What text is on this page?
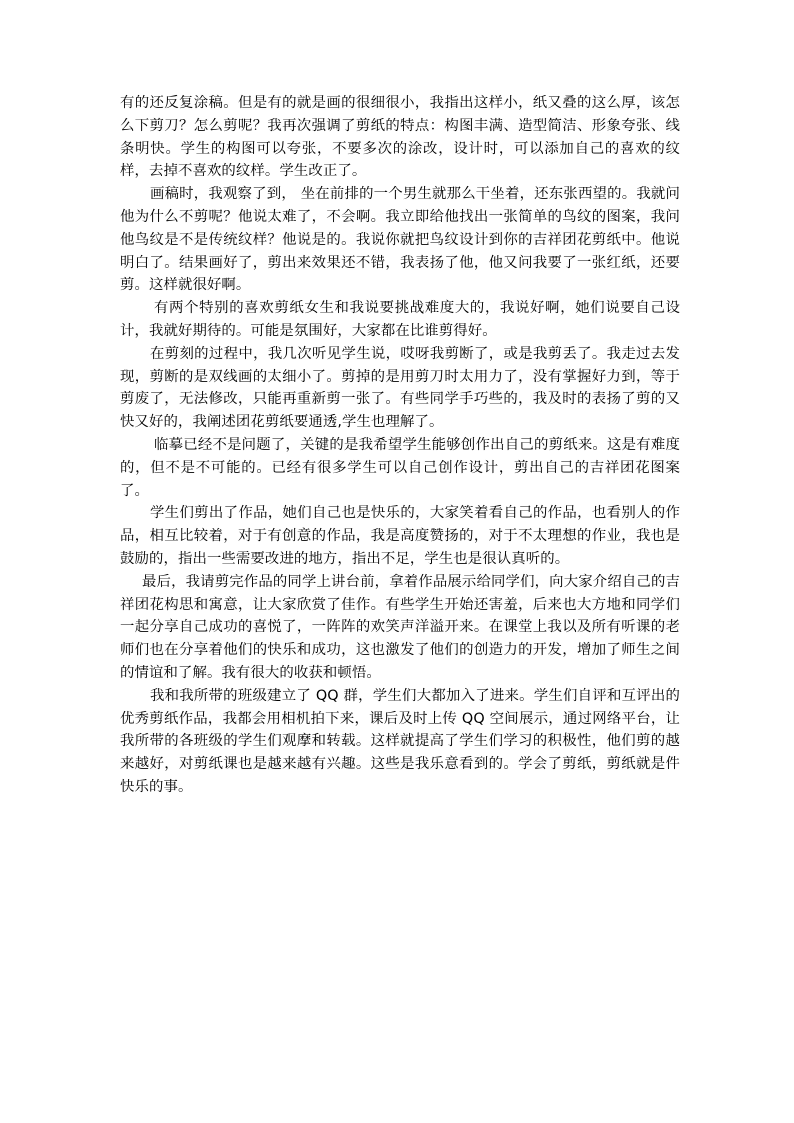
有的还反复涂稿。但是有的就是画的很细很小，我指出这样小，纸又叠的这么厚，该怎么下剪刀？怎么剪呢？我再次强调了剪纸的特点：构图丰满、造型简洁、形象夸张、线条明快。学生的构图可以夸张，不要多次的涂改，设计时，可以添加自己的喜欢的纹样，去掉不喜欢的纹样。学生改正了。

画稿时，我观察了到， 坐在前排的一个男生就那么干坐着，还东张西望的。我就问他为什么不剪呢？他说太难了，不会啊。我立即给他找出一张简单的鸟纹的图案，我问他鸟纹是不是传统纹样？他说是的。我说你就把鸟纹设计到你的吉祥团花剪纸中。他说明白了。结果画好了，剪出来效果还不错，我表扬了他，他又问我要了一张红纸，还要剪。这样就很好啊。

有两个特别的喜欢剪纸女生和我说要挑战难度大的，我说好啊，她们说要自己设计，我就好期待的。可能是氛围好，大家都在比谁剪得好。

在剪刻的过程中，我几次听见学生说，哎呀我剪断了，或是我剪丢了。我走过去发现，剪断的是双线画的太细小了。剪掉的是用剪刀时太用力了，没有掌握好力到，等于剪废了，无法修改，只能再重新剪一张了。有些同学手巧些的，我及时的表扬了剪的又快又好的，我阐述团花剪纸要通透,学生也理解了。

临摹已经不是问题了，关键的是我希望学生能够创作出自己的剪纸来。这是有难度的，但不是不可能的。已经有很多学生可以自己创作设计，剪出自己的吉祥团花图案了。

学生们剪出了作品，她们自己也是快乐的，大家笑着看自己的作品，也看别人的作品，相互比较着，对于有创意的作品，我是高度赞扬的，对于不太理想的作业，我也是鼓励的，指出一些需要改进的地方，指出不足，学生也是很认真听的。

最后，我请剪完作品的同学上讲台前，拿着作品展示给同学们，向大家介绍自己的吉祥团花构思和寓意，让大家欣赏了佳作。有些学生开始还害羞，后来也大方地和同学们一起分享自己成功的喜悦了，一阵阵的欢笑声洋溢开来。在课堂上我以及所有听课的老师们也在分享着他们的快乐和成功，这也激发了他们的创造力的开发，增加了师生之间的情谊和了解。我有很大的收获和顿悟。

我和我所带的班级建立了 QQ 群，学生们大都加入了进来。学生们自评和互评出的优秀剪纸作品，我都会用相机拍下来，课后及时上传 QQ 空间展示，通过网络平台，让我所带的各班级的学生们观摩和转载。这样就提高了学生们学习的积极性，他们剪的越来越好，对剪纸课也是越来越有兴趣。这些是我乐意看到的。学会了剪纸，剪纸就是件快乐的事。
